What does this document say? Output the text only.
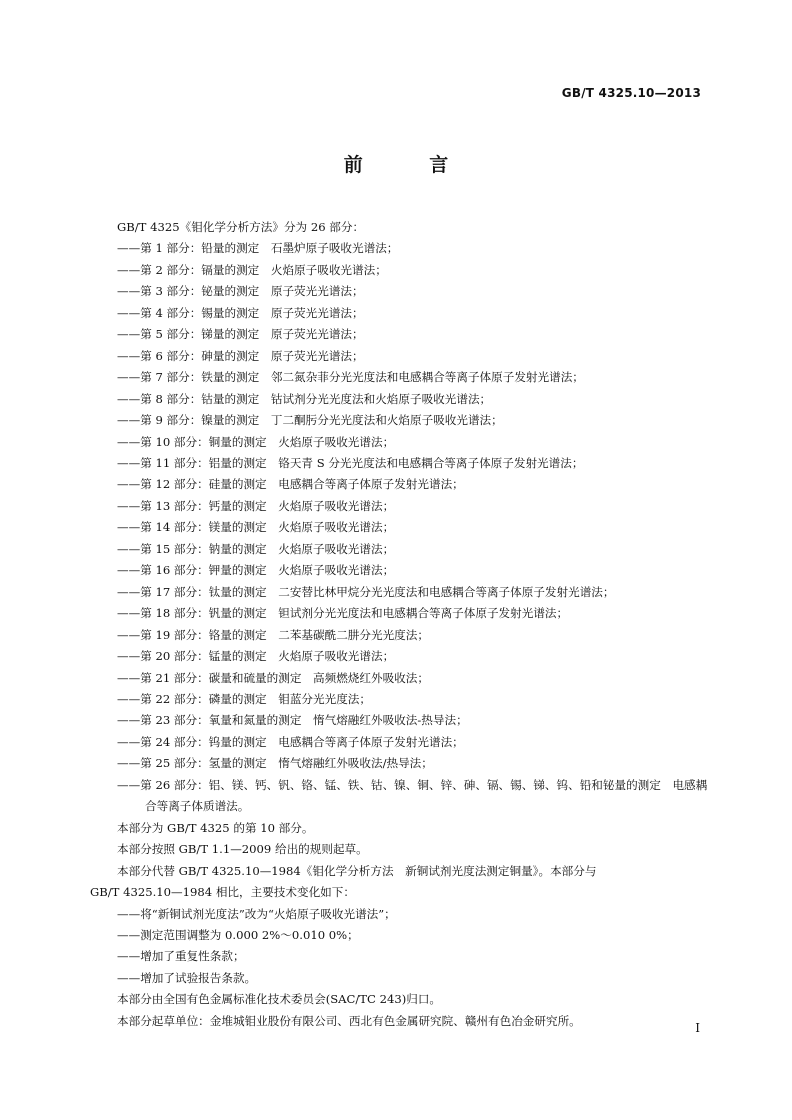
GB/T 4325.10—2013
前 言
GB/T 4325《钼化学分析方法》分为 26 部分：
——第 1 部分：铅量的测定　石墨炉原子吸收光谱法；
——第 2 部分：镉量的测定　火焰原子吸收光谱法；
——第 3 部分：铋量的测定　原子荧光光谱法；
——第 4 部分：锡量的测定　原子荧光光谱法；
——第 5 部分：锑量的测定　原子荧光光谱法；
——第 6 部分：砷量的测定　原子荧光光谱法；
——第 7 部分：铁量的测定　邻二氮杂菲分光光度法和电感耦合等离子体原子发射光谱法；
——第 8 部分：钴量的测定　钴试剂分光光度法和火焰原子吸收光谱法；
——第 9 部分：镍量的测定　丁二酮肟分光光度法和火焰原子吸收光谱法；
——第 10 部分：铜量的测定　火焰原子吸收光谱法；
——第 11 部分：铝量的测定　铬天青 S 分光光度法和电感耦合等离子体原子发射光谱法；
——第 12 部分：硅量的测定　电感耦合等离子体原子发射光谱法；
——第 13 部分：钙量的测定　火焰原子吸收光谱法；
——第 14 部分：镁量的测定　火焰原子吸收光谱法；
——第 15 部分：钠量的测定　火焰原子吸收光谱法；
——第 16 部分：钾量的测定　火焰原子吸收光谱法；
——第 17 部分：钛量的测定　二安替比林甲烷分光光度法和电感耦合等离子体原子发射光谱法；
——第 18 部分：钒量的测定　钽试剂分光光度法和电感耦合等离子体原子发射光谱法；
——第 19 部分：铬量的测定　二苯基碳酰二肼分光光度法；
——第 20 部分：锰量的测定　火焰原子吸收光谱法；
——第 21 部分：碳量和硫量的测定　高频燃烧红外吸收法；
——第 22 部分：磷量的测定　钼蓝分光光度法；
——第 23 部分：氧量和氮量的测定　惰气熔融红外吸收法-热导法；
——第 24 部分：钨量的测定　电感耦合等离子体原子发射光谱法；
——第 25 部分：氢量的测定　惰气熔融红外吸收法/热导法；
——第 26 部分：铝、镁、钙、钒、铬、锰、铁、钴、镍、铜、锌、砷、镉、锡、锑、钨、铅和铋量的测定　电感耦
合等离子体质谱法。
本部分为 GB/T 4325 的第 10 部分。
本部分按照 GB/T 1.1—2009 给出的规则起草。
本部分代替 GB/T 4325.10—1984《钼化学分析方法　新铜试剂光度法测定铜量》。本部分与
GB/T 4325.10—1984 相比，主要技术变化如下：
——将“新铜试剂光度法”改为“火焰原子吸收光谱法”；
——测定范围调整为 0.000 2%～0.010 0%；
——增加了重复性条款；
——增加了试验报告条款。
本部分由全国有色金属标准化技术委员会(SAC/TC 243)归口。
本部分起草单位：金堆城钼业股份有限公司、西北有色金属研究院、赣州有色冶金研究所。
I
